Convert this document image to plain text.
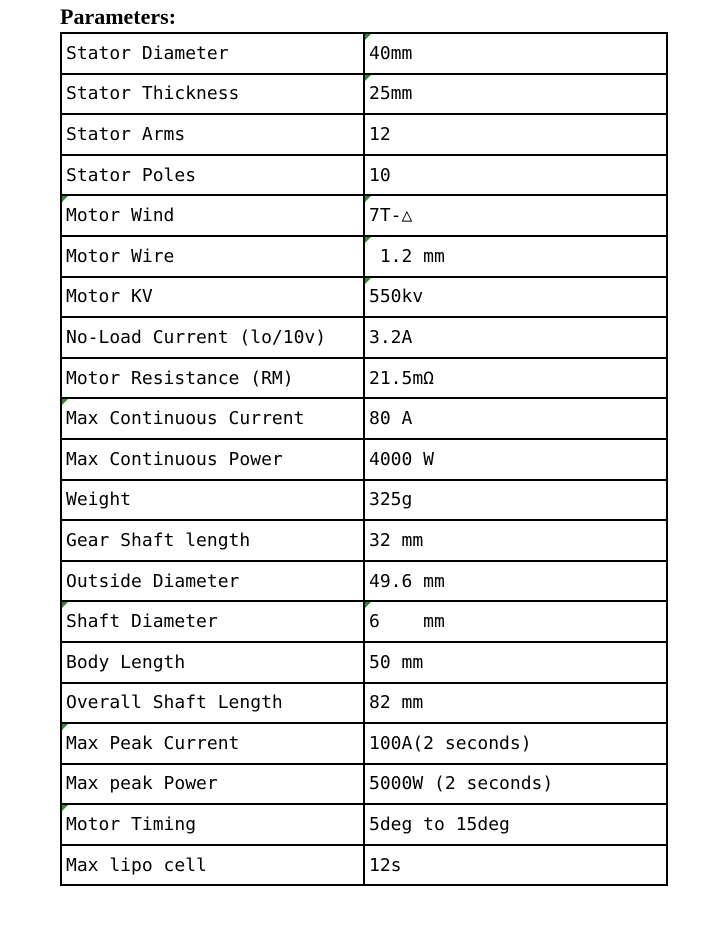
Parameters:
Stator Diameter	40mm
Stator Thickness	25mm
Stator Arms	12
Stator Poles	10
Motor Wind	7T-△
Motor Wire	1.2 mm
Motor KV	550kv
No-Load Current (lo/10v)	3.2A
Motor Resistance (RM)	21.5mΩ
Max Continuous Current	80 A
Max Continuous Power	4000 W
Weight	325g
Gear Shaft length	32 mm
Outside Diameter	49.6 mm
Shaft Diameter	6    mm
Body Length	50 mm
Overall Shaft Length	82 mm
Max Peak Current	100A(2 seconds)
Max peak Power	5000W (2 seconds)
Motor Timing	5deg to 15deg
Max lipo cell	12s
